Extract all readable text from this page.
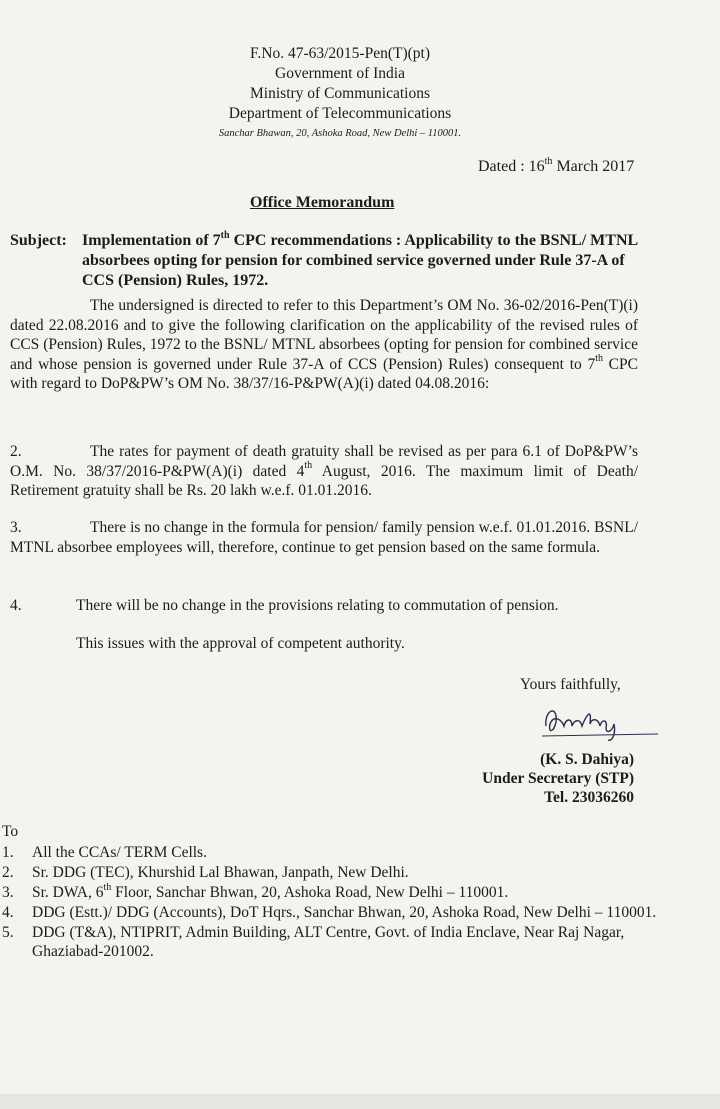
F.No. 47-63/2015-Pen(T)(pt)
Government of India
Ministry of Communications
Department of Telecommunications
Sanchar Bhawan, 20, Ashoka Road, New Delhi – 110001.
Dated : 16th March 2017
Office Memorandum
Subject: Implementation of 7th CPC recommendations : Applicability to the BSNL/ MTNL absorbees opting for pension for combined service governed under Rule 37-A of CCS (Pension) Rules, 1972.
The undersigned is directed to refer to this Department’s OM No. 36-02/2016-Pen(T)(i) dated 22.08.2016 and to give the following clarification on the applicability of the revised rules of CCS (Pension) Rules, 1972 to the BSNL/ MTNL absorbees (opting for pension for combined service and whose pension is governed under Rule 37-A of CCS (Pension) Rules) consequent to 7th CPC with regard to DoP&PW’s OM No. 38/37/16-P&PW(A)(i) dated 04.08.2016:
2.	The rates for payment of death gratuity shall be revised as per para 6.1 of DoP&PW’s O.M. No. 38/37/2016-P&PW(A)(i) dated 4th August, 2016. The maximum limit of Death/ Retirement gratuity shall be Rs. 20 lakh w.e.f. 01.01.2016.
3.	There is no change in the formula for pension/ family pension w.e.f. 01.01.2016. BSNL/ MTNL absorbee employees will, therefore, continue to get pension based on the same formula.
4.	There will be no change in the provisions relating to commutation of pension.
This issues with the approval of competent authority.
Yours faithfully,
(K. S. Dahiya)
Under Secretary (STP)
Tel. 23036260
To
1. All the CCAs/ TERM Cells.
2. Sr. DDG (TEC), Khurshid Lal Bhawan, Janpath, New Delhi.
3. Sr. DWA, 6th Floor, Sanchar Bhwan, 20, Ashoka Road, New Delhi – 110001.
4. DDG (Estt.)/ DDG (Accounts), DoT Hqrs., Sanchar Bhwan, 20, Ashoka Road, New Delhi – 110001.
5. DDG (T&A), NTIPRIT, Admin Building, ALT Centre, Govt. of India Enclave, Near Raj Nagar, Ghaziabad-201002.
